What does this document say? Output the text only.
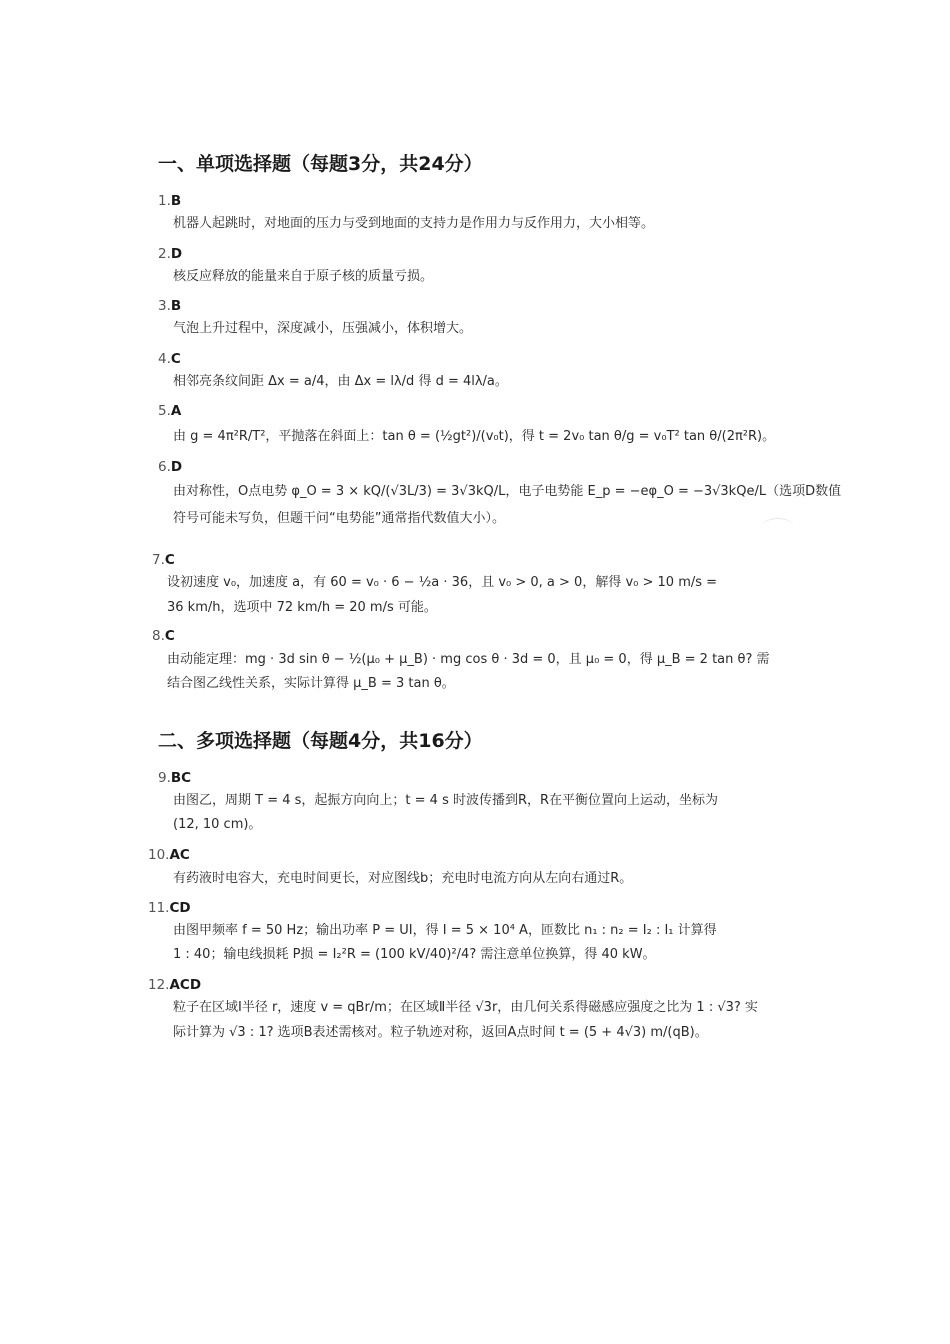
一、单项选择题（每题3分，共24分）
1.B
机器人起跳时，对地面的压力与受到地面的支持力是作用力与反作用力，大小相等。
2.D
核反应释放的能量来自于原子核的质量亏损。
3.B
气泡上升过程中，深度减小，压强减小，体积增大。
4.C
相邻亮条纹间距 Δx = a/4，由 Δx = lλ/d 得 d = 4lλ/a。
5.A
由 g = 4π²R/T²，平抛落在斜面上：tan θ = (½gt²)/(v₀t)，得 t = 2v₀ tan θ/g = v₀T² tan θ/(2π²R)。
6.D
由对称性，O点电势 φ_O = 3 × kQ/(√3L/3) = 3√3kQ/L，电子电势能 E_p = −eφ_O = −3√3kQe/L（选项D数值
符号可能未写负，但题干问“电势能”通常指代数值大小）。
7.C
设初速度 v₀，加速度 a，有 60 = v₀ · 6 − ½a · 36，且 v₀ > 0, a > 0，解得 v₀ > 10 m/s =
36 km/h，选项中 72 km/h = 20 m/s 可能。
8.C
由动能定理：mg · 3d sin θ − ½(μ₀ + μ_B) · mg cos θ · 3d = 0，且 μ₀ = 0，得 μ_B = 2 tan θ? 需
结合图乙线性关系，实际计算得 μ_B = 3 tan θ。
二、多项选择题（每题4分，共16分）
9.BC
由图乙，周期 T = 4 s，起振方向向上；t = 4 s 时波传播到R，R在平衡位置向上运动，坐标为
(12, 10 cm)。
10.AC
有药液时电容大，充电时间更长，对应图线b；充电时电流方向从左向右通过R。
11.CD
由图甲频率 f = 50 Hz；输出功率 P = UI，得 I = 5 × 10⁴ A，匝数比 n₁ : n₂ = I₂ : I₁ 计算得
1 : 40；输电线损耗 P损 = I₂²R = (100 kV/40)²/4? 需注意单位换算，得 40 kW。
12.ACD
粒子在区域Ⅰ半径 r，速度 v = qBr/m；在区域Ⅱ半径 √3r，由几何关系得磁感应强度之比为 1 : √3? 实
际计算为 √3 : 1? 选项B表述需核对。粒子轨迹对称，返回A点时间 t = (5 + 4√3) m/(qB)。
